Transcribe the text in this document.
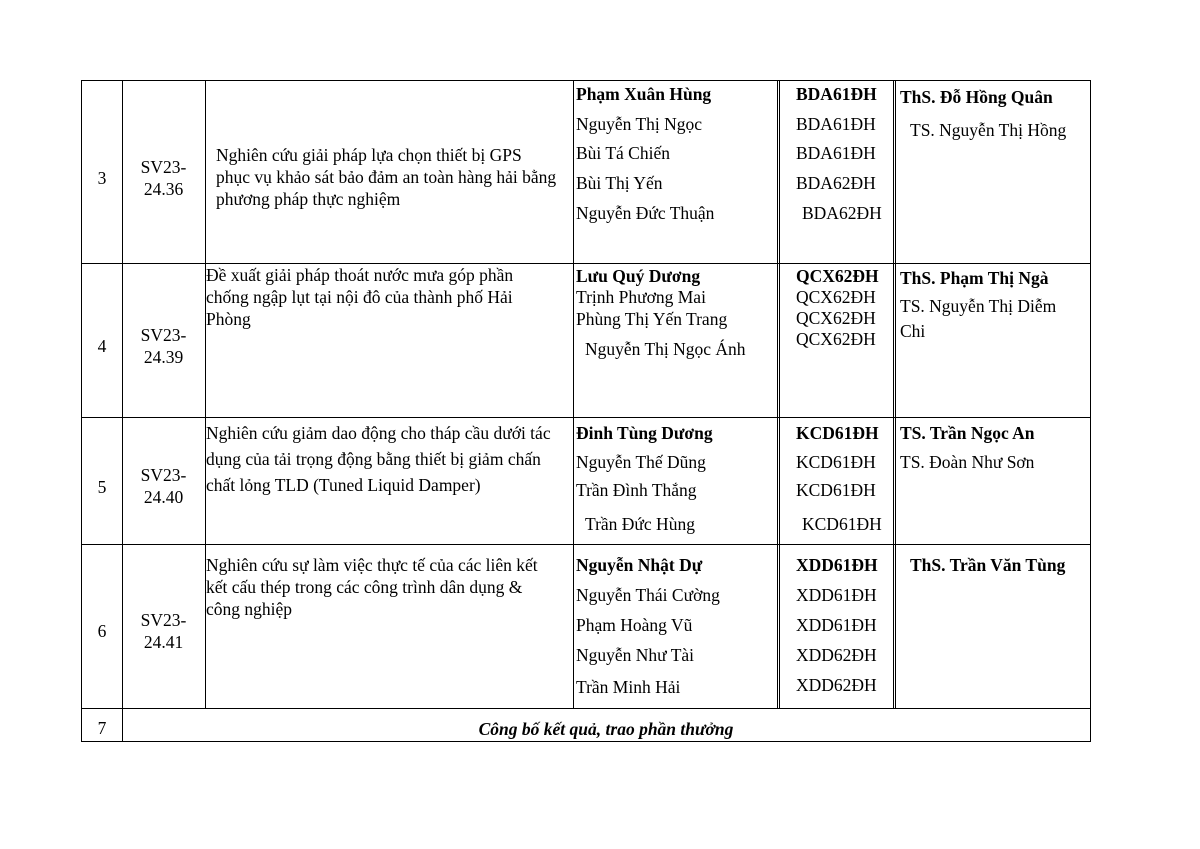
3
SV23-
24.36
Nghiên cứu giải pháp lựa chọn thiết bị GPS
phục vụ khảo sát bảo đảm an toàn hàng hải bằng
phương pháp thực nghiệm
Phạm Xuân Hùng
Nguyễn Thị Ngọc
Bùi Tá Chiến
Bùi Thị Yến
Nguyễn Đức Thuận
BDA61ĐH
BDA61ĐH
BDA61ĐH
BDA62ĐH
BDA62ĐH
ThS. Đỗ Hồng Quân
TS. Nguyễn Thị Hồng
4
SV23-
24.39
Đề xuất giải pháp thoát nước mưa góp phần
chống ngập lụt tại nội đô của thành phố Hải
Phòng
Lưu Quý Dương
Trịnh Phương Mai
Phùng Thị Yến Trang
Nguyễn Thị Ngọc Ánh
QCX62ĐH
QCX62ĐH
QCX62ĐH
QCX62ĐH
ThS. Phạm Thị Ngà
TS. Nguyễn Thị Diễm
Chi
5
SV23-
24.40
Nghiên cứu giảm dao động cho tháp cầu dưới tác
dụng của tải trọng động bằng thiết bị giảm chấn
chất lỏng TLD (Tuned Liquid Damper)
Đinh Tùng Dương
Nguyễn Thế Dũng
Trần Đình Thắng
Trần Đức Hùng
KCD61ĐH
KCD61ĐH
KCD61ĐH
KCD61ĐH
TS. Trần Ngọc An
TS. Đoàn Như Sơn
6
SV23-
24.41
Nghiên cứu sự làm việc thực tế của các liên kết
kết cấu thép trong các công trình dân dụng &
công nghiệp
Nguyễn Nhật Dự
Nguyễn Thái Cường
Phạm Hoàng Vũ
Nguyễn Như Tài
Trần Minh Hải
XDD61ĐH
XDD61ĐH
XDD61ĐH
XDD62ĐH
XDD62ĐH
ThS. Trần Văn Tùng
7	Công bố kết quả, trao phần thưởng
